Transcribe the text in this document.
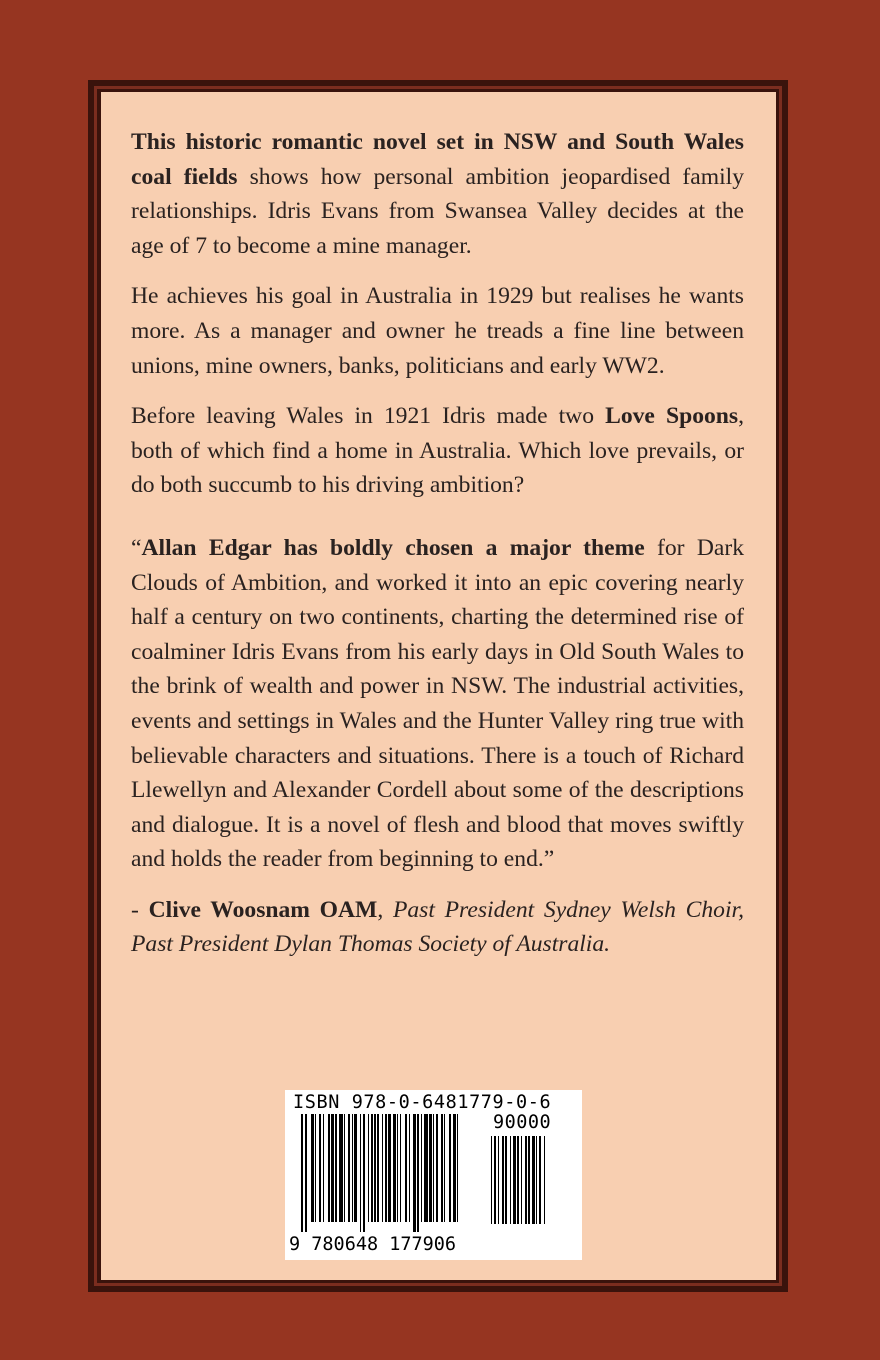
This historic romantic novel set in NSW and South Wales coal fields shows how personal ambition jeopardised family relationships. Idris Evans from Swansea Valley decides at the age of 7 to become a mine manager.

He achieves his goal in Australia in 1929 but realises he wants more. As a manager and owner he treads a fine line between unions, mine owners, banks, politicians and early WW2.

Before leaving Wales in 1921 Idris made two Love Spoons, both of which find a home in Australia. Which love prevails, or do both succumb to his driving ambition?

“Allan Edgar has boldly chosen a major theme for Dark Clouds of Ambition, and worked it into an epic covering nearly half a century on two continents, charting the determined rise of coalminer Idris Evans from his early days in Old South Wales to the brink of wealth and power in NSW. The industrial activities, events and settings in Wales and the Hunter Valley ring true with believable characters and situations. There is a touch of Richard Llewellyn and Alexander Cordell about some of the descriptions and dialogue. It is a novel of flesh and blood that moves swiftly and holds the reader from beginning to end.”

- Clive Woosnam OAM, Past President Sydney Welsh Choir, Past President Dylan Thomas Society of Australia.

ISBN 978-0-6481779-0-6
90000
9 780648 177906
